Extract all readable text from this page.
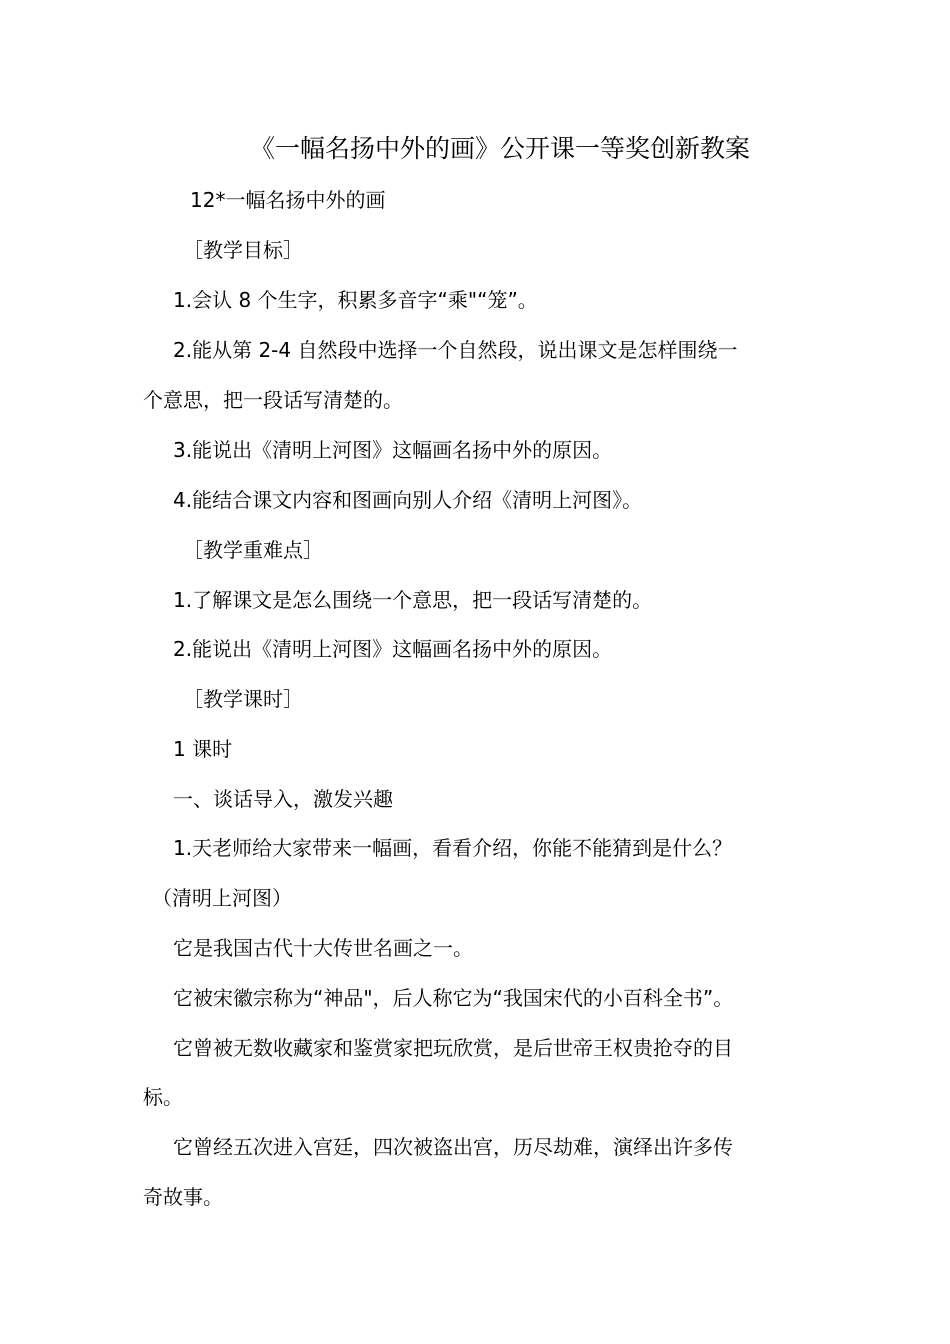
《一幅名扬中外的画》公开课一等奖创新教案

12*一幅名扬中外的画

［教学目标］

1.会认 8 个生字，积累多音字“乘"“笼”。

2.能从第 2-4 自然段中选择一个自然段，说出课文是怎样围绕一

个意思，把一段话写清楚的。

3.能说出《清明上河图》这幅画名扬中外的原因。

4.能结合课文内容和图画向别人介绍《清明上河图》。

［教学重难点］

1.了解课文是怎么围绕一个意思，把一段话写清楚的。

2.能说出《清明上河图》这幅画名扬中外的原因。

［教学课时］

1 课时

一、谈话导入，激发兴趣

1.天老师给大家带来一幅画，看看介绍，你能不能猜到是什么？

（清明上河图）

它是我国古代十大传世名画之一。

它被宋徽宗称为“神品"，后人称它为“我国宋代的小百科全书”。

它曾被无数收藏家和鉴赏家把玩欣赏，是后世帝王权贵抢夺的目

标。

它曾经五次进入宫廷，四次被盗出宫，历尽劫难，演绎出许多传

奇故事。
